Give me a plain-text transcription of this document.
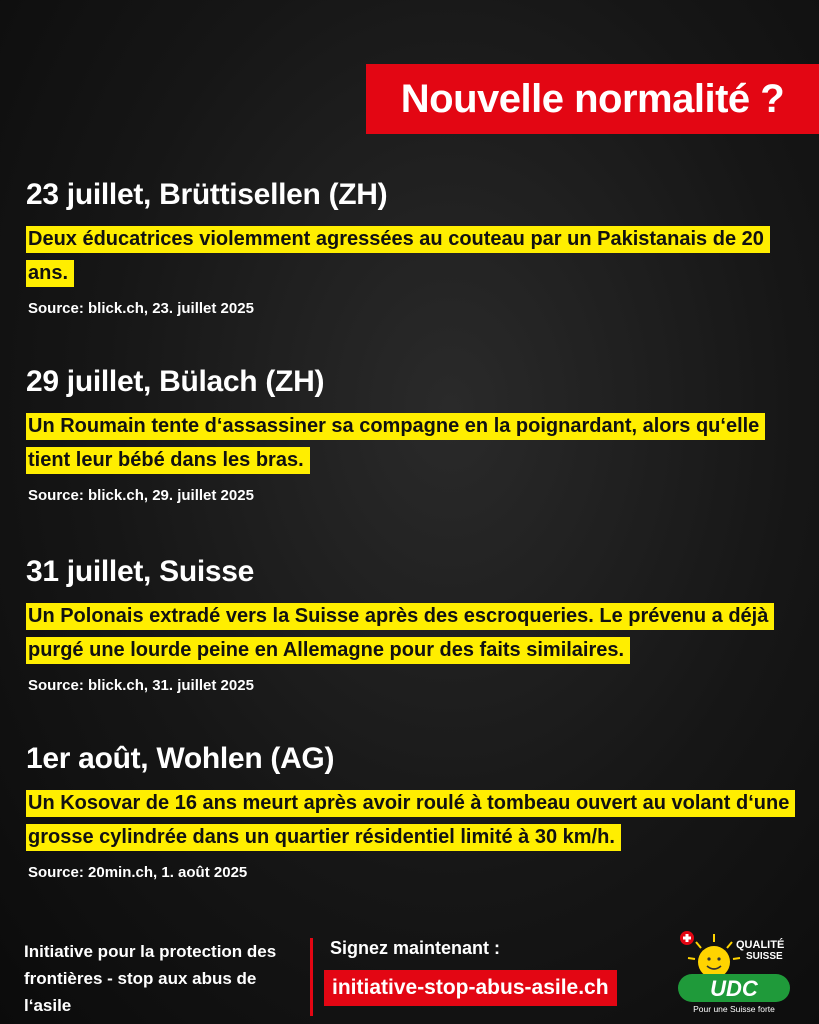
Nouvelle normalité ?
23 juillet, Brüttisellen (ZH)

Deux éducatrices violemment agressées au couteau par un Pakistanais de 20 ans.

Source: blick.ch, 23. juillet 2025
29 juillet, Bülach (ZH)

Un Roumain tente d‘assassiner sa compagne en la poignardant, alors qu‘elle tient leur bébé dans les bras.

Source: blick.ch, 29. juillet 2025
31 juillet, Suisse

Un Polonais extradé vers la Suisse après des escroqueries. Le prévenu a déjà purgé une lourde peine en Allemagne pour des faits similaires.

Source: blick.ch, 31. juillet 2025
1er août, Wohlen (AG)

Un Kosovar de 16 ans meurt après avoir roulé à tombeau ouvert au volant d‘une grosse cylindrée dans un quartier résidentiel limité à 30 km/h.

Source: 20min.ch, 1. août 2025
Initiative pour la protection des frontières - stop aux abus de l‘asile
Signez maintenant :
initiative-stop-abus-asile.ch
QUALITÉ
SUISSE
UDC
Pour une Suisse forte
